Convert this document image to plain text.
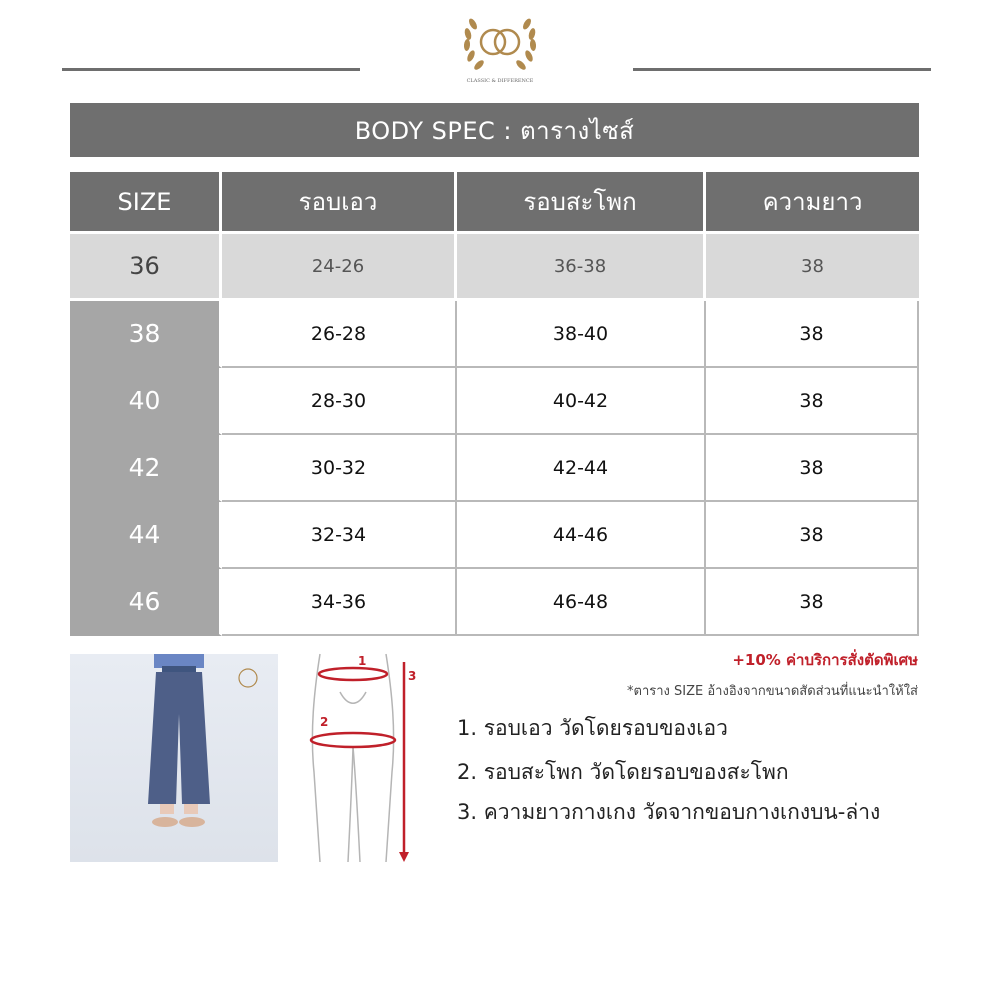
CLASSIC & DIFFERENCE
BODY SPEC : ตารางไซส์
SIZE	รอบเอว	รอบสะโพก	ความยาว
36	24-26	36-38	38
38	26-28	38-40	38
40	28-30	40-42	38
42	30-32	42-44	38
44	32-34	44-46	38
46	34-36	46-48	38
1
2
3
+10% ค่าบริการสั่งตัดพิเศษ
*ตาราง SIZE อ้างอิงจากขนาดสัดส่วนที่แนะนำให้ใส่
1. รอบเอว วัดโดยรอบของเอว
2. รอบสะโพก วัดโดยรอบของสะโพก
3. ความยาวกางเกง วัดจากขอบกางเกงบน-ล่าง
